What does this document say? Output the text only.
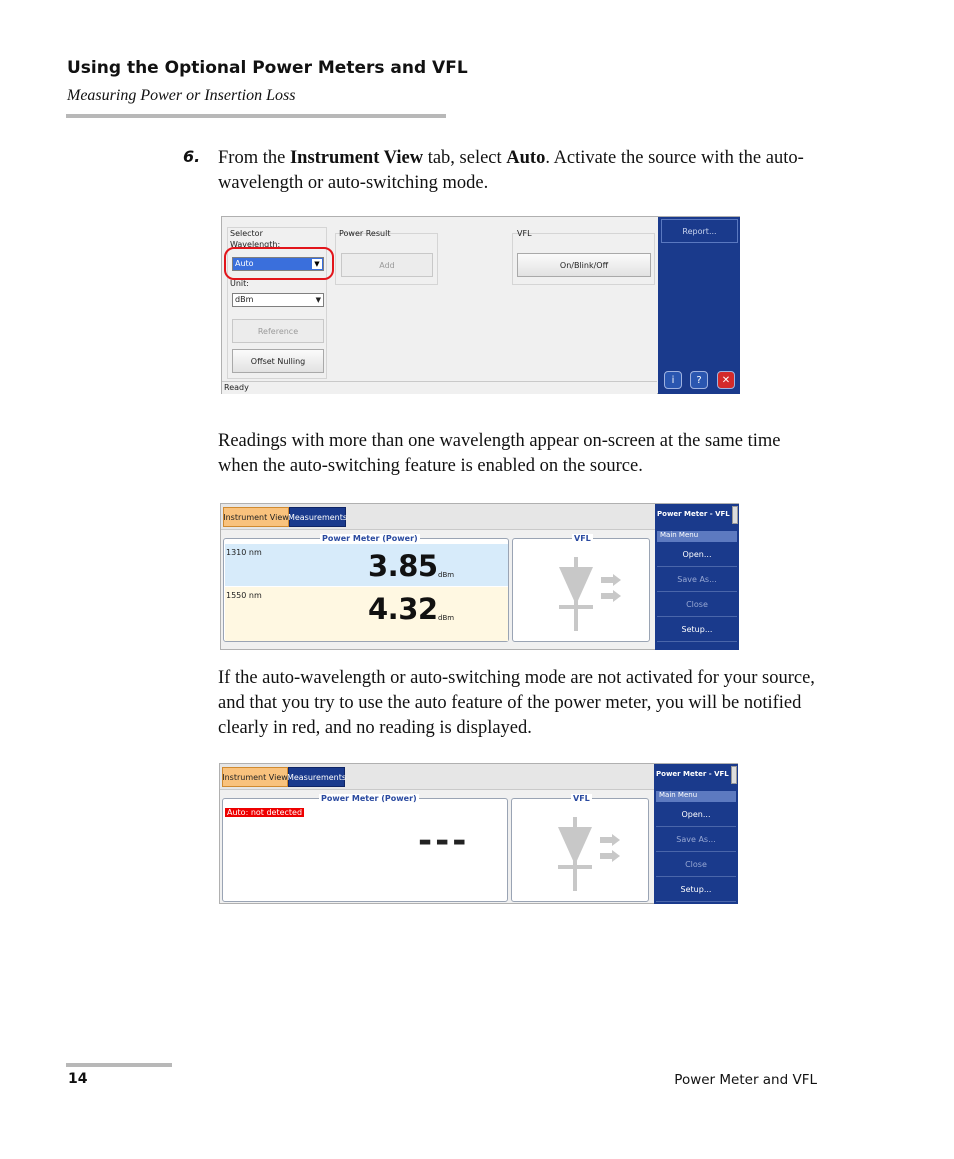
Using the Optional Power Meters and VFL
Measuring Power or Insertion Loss
6. From the Instrument View tab, select Auto. Activate the source with the auto-wavelength or auto-switching mode.
Selector
Wavelength:
Auto	▼
Unit:
dBm	▼
Reference
Offset Nulling
Power Result
Add
VFL
On/Blink/Off
Ready
Report...
i	?	✕
Readings with more than one wavelength appear on-screen at the same time when the auto-switching feature is enabled on the source.
Instrument View Measurements
1310 nm	3.85 dBm
1550 nm	4.32 dBm
Power Meter (Power)	VFL
Power Meter - VFL
Main Menu
Open...
Save As...
Close
Setup...
If the auto-wavelength or auto-switching mode are not activated for your source, and that you try to use the auto feature of the power meter, you will be notified clearly in red, and no reading is displayed.
Instrument View Measurements
Auto: not detected
---
Power Meter (Power)	VFL
Power Meter - VFL
Main Menu
Open...
Save As...
Close
Setup...
14	Power Meter and VFL
